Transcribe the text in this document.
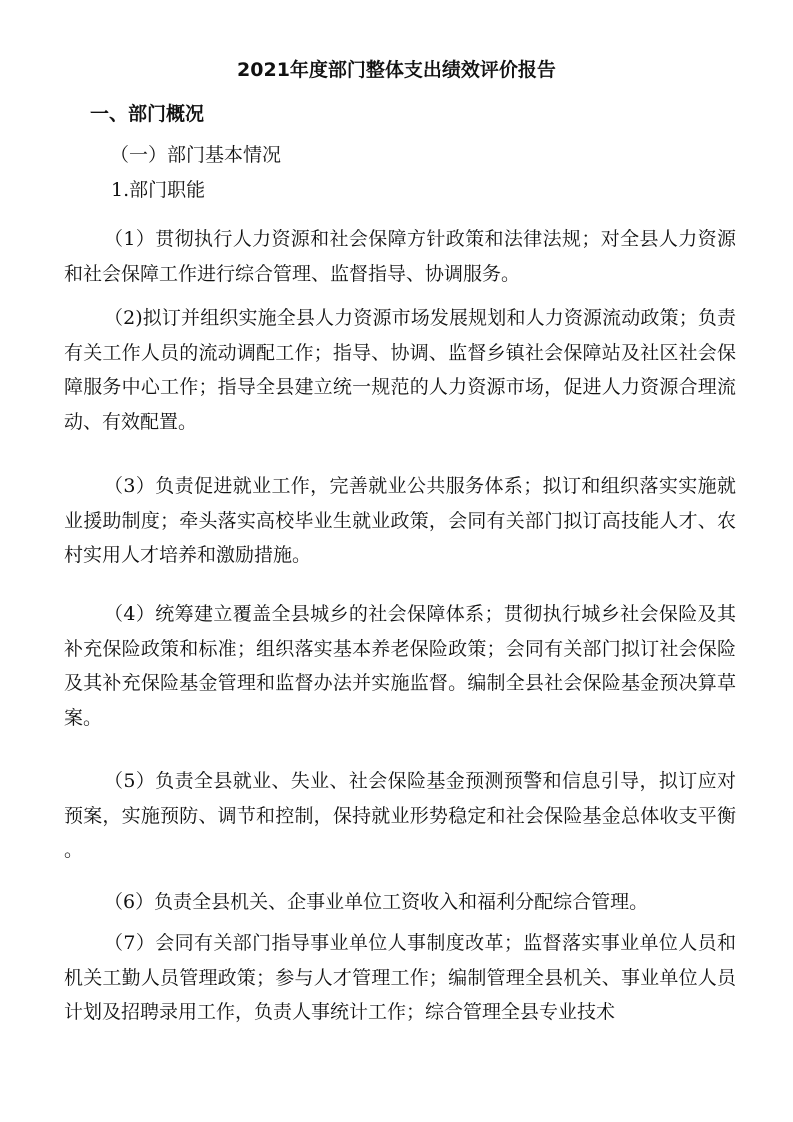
2021年度部门整体支出绩效评价报告
一、部门概况
（一）部门基本情况
1.部门职能

（1）贯彻执行人力资源和社会保障方针政策和法律法规；对全县人力资源和社会保障工作进行综合管理、监督指导、协调服务。

（2)拟订并组织实施全县人力资源市场发展规划和人力资源流动政策；负责有关工作人员的流动调配工作；指导、协调、监督乡镇社会保障站及社区社会保障服务中心工作；指导全县建立统一规范的人力资源市场，促进人力资源合理流动、有效配置。

（3）负责促进就业工作，完善就业公共服务体系；拟订和组织落实实施就业援助制度；牵头落实高校毕业生就业政策，会同有关部门拟订高技能人才、农村实用人才培养和激励措施。

（4）统筹建立覆盖全县城乡的社会保障体系；贯彻执行城乡社会保险及其补充保险政策和标准；组织落实基本养老保险政策；会同有关部门拟订社会保险及其补充保险基金管理和监督办法并实施监督。编制全县社会保险基金预决算草案。

（5）负责全县就业、失业、社会保险基金预测预警和信息引导，拟订应对预案，实施预防、调节和控制，保持就业形势稳定和社会保险基金总体收支平衡。

（6）负责全县机关、企事业单位工资收入和福利分配综合管理。

（7）会同有关部门指导事业单位人事制度改革；监督落实事业单位人员和机关工勤人员管理政策；参与人才管理工作；编制管理全县机关、事业单位人员计划及招聘录用工作，负责人事统计工作；综合管理全县专业技术
